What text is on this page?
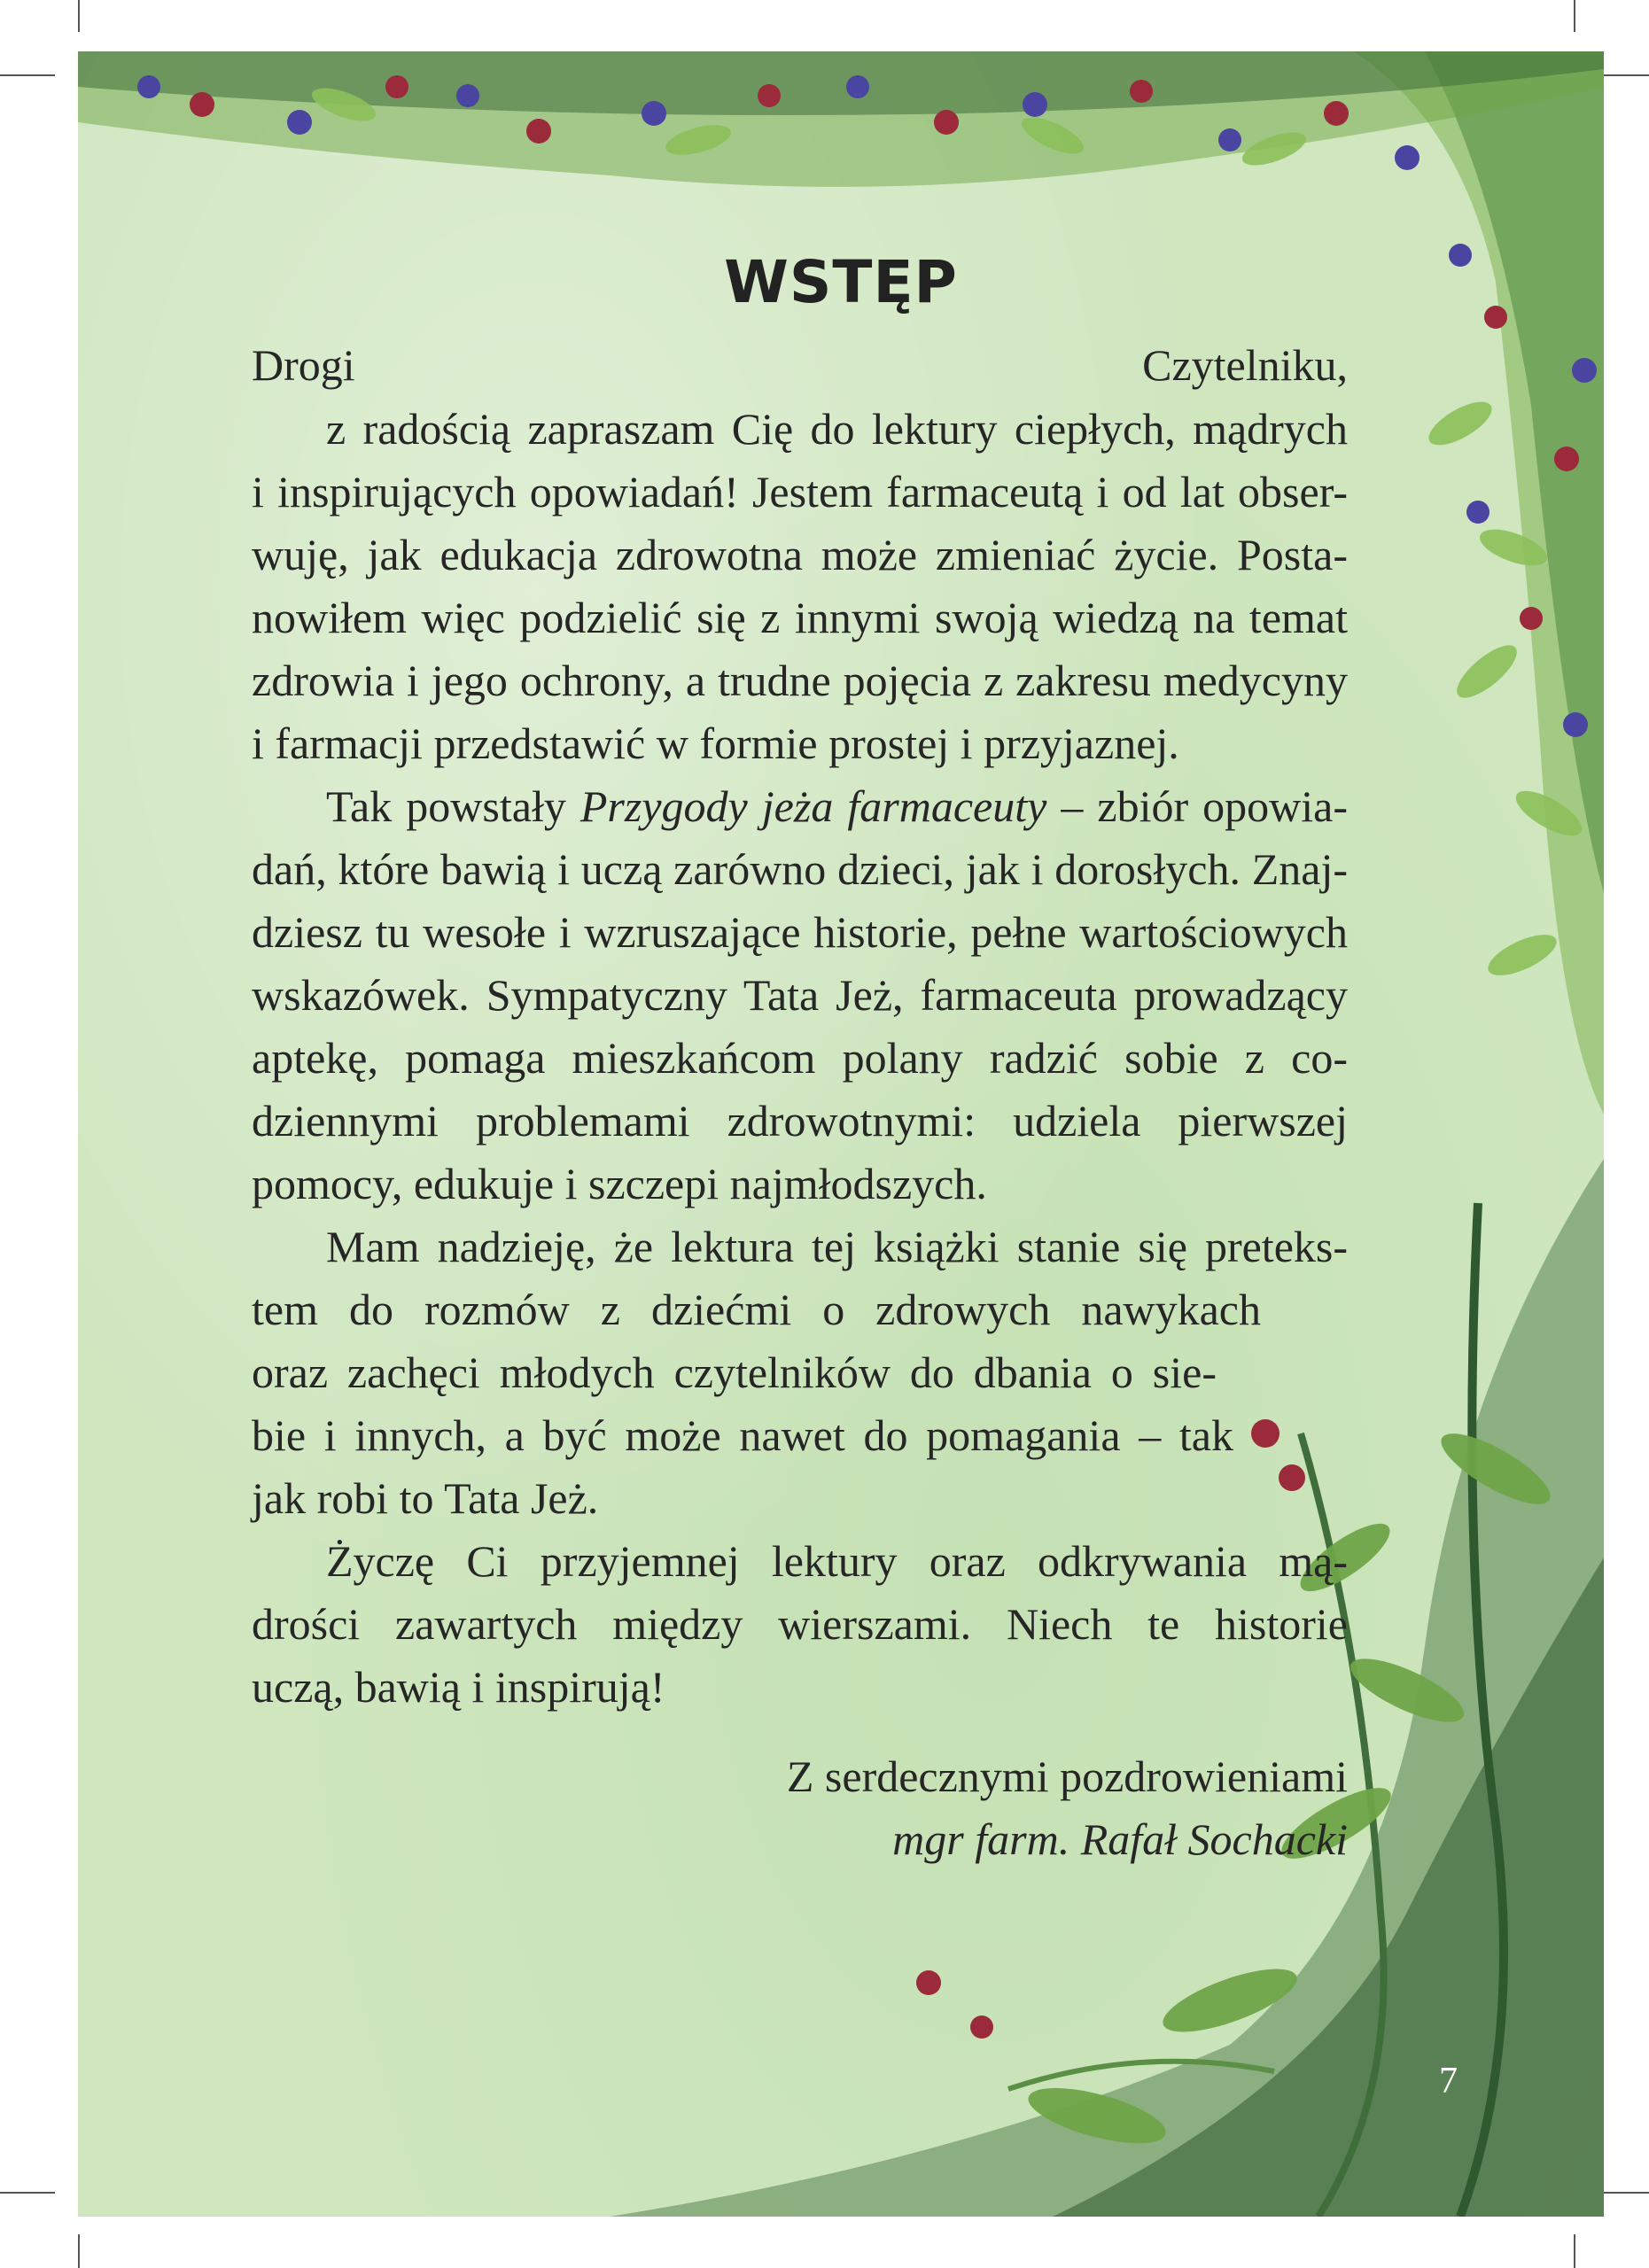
WSTĘP

Drogi Czytelniku,

z radością zapraszam Cię do lektury ciepłych, mądrych

i inspirujących opowiadań! Jestem farmaceutą i od lat obser-

wuję, jak edukacja zdrowotna może zmieniać życie. Posta-

nowiłem więc podzielić się z innymi swoją wiedzą na temat

zdrowia i jego ochrony, a trudne pojęcia z zakresu medycyny

i farmacji przedstawić w formie prostej i przyjaznej.

Tak powstały Przygody jeża farmaceuty – zbiór opowia-

dań, które bawią i uczą zarówno dzieci, jak i dorosłych. Znaj-

dziesz tu wesołe i wzruszające historie, pełne wartościowych

wskazówek. Sympatyczny Tata Jeż, farmaceuta prowadzący

aptekę, pomaga mieszkańcom polany radzić sobie z co-

dziennymi problemami zdrowotnymi: udziela pierwszej

pomocy, edukuje i szczepi najmłodszych.

Mam nadzieję, że lektura tej książki stanie się preteks-

tem do rozmów z dziećmi o zdrowych nawykach

oraz zachęci młodych czytelników do dbania o sie-

bie i innych, a być może nawet do pomagania – tak

jak robi to Tata Jeż.

Życzę Ci przyjemnej lektury oraz odkrywania mą-

drości zawartych między wierszami. Niech te historie

uczą, bawią i inspirują!

Z serdecznymi pozdrowieniami

mgr farm. Rafał Sochacki

7
